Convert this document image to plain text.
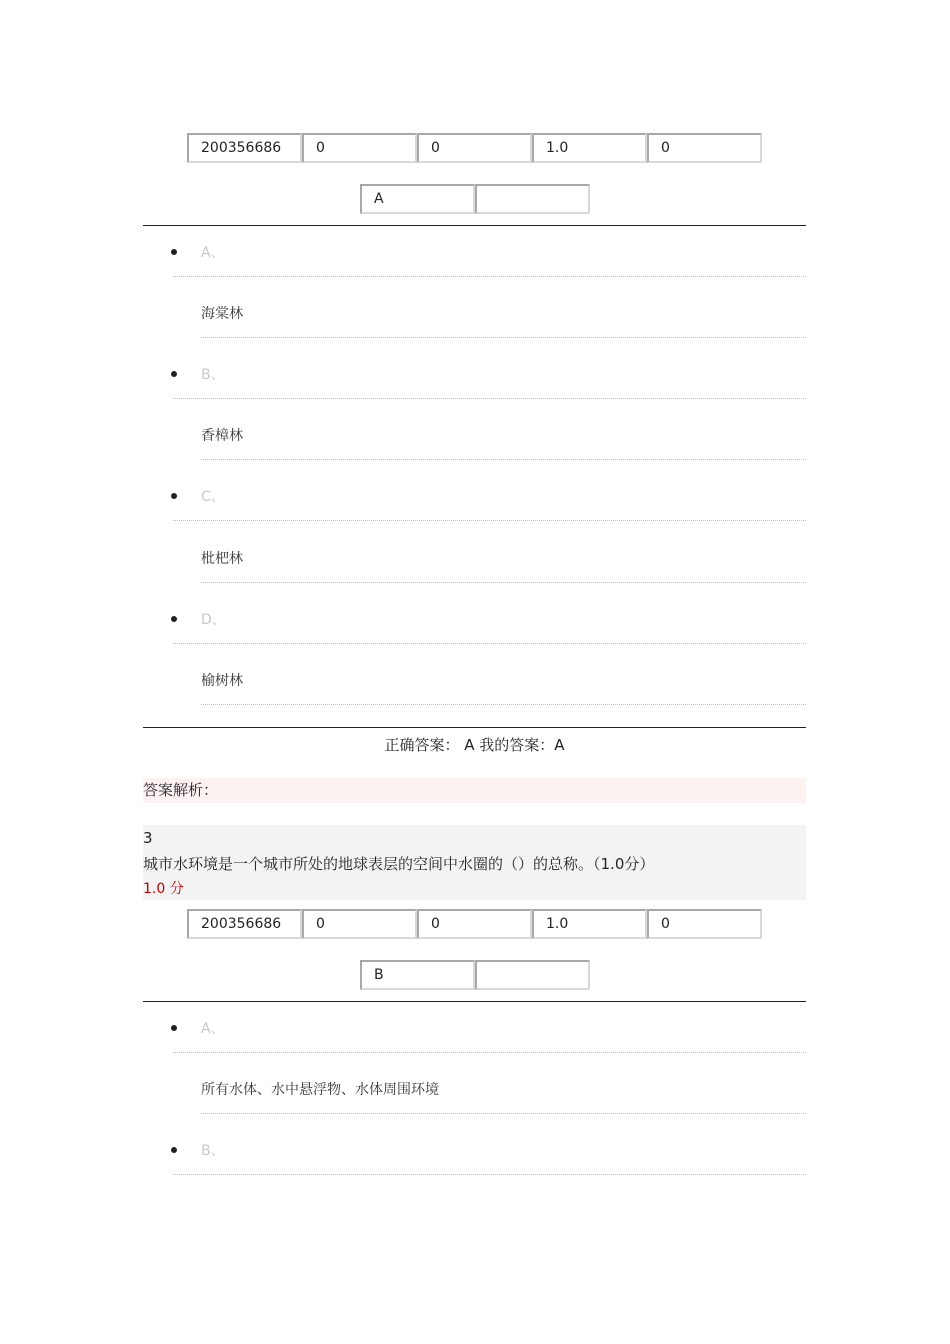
200356686	0	0	1.0	0
A
A、
海棠林
B、
香樟林
C、
枇杷林
D、
榆树林
正确答案： A 我的答案：A
答案解析：
3
城市水环境是一个城市所处的地球表层的空间中水圈的（）的总称。（1.0分）
1.0 分
200356686	0	0	1.0	0
B
A、
所有水体、水中悬浮物、水体周围环境
B、
